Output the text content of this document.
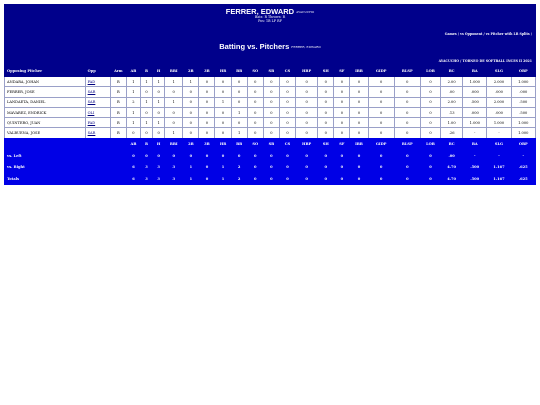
FERRER, EDWARD AYACUCHO
Bats: R Throws: R
Pos: 1B LF RF
Games / vs Opponent / vs Pitcher with LR Splits /
Batting vs. Pitchers FERRER, EDWARD
AYACUCHO / TORNEO DE SOFTBALL INCES II 2021
Opposing Pitcher	Opp	Arm	AB	R	H	RBI	2B	3B	HR	BB	SO	SB	CS	HBP	SH	SF	IBB	GIDP	RLSP	LOB	RC	BA	SLG	OBP
ANDARA, JOHAN	PAD	R	1	1	1	1	1	0	0	0	0	0	0	0	0	0	0	0	0	0	2.00	1.000	2.000	1.000
FERRER, JOSE	SAR	R	1	0	0	0	0	0	0	0	0	0	0	0	0	0	0	0	0	0	.00	.000	.000	.000
LANDAETA, DANIEL	SAR	R	2	1	1	1	0	0	1	0	0	0	0	0	0	0	0	0	0	0	2.00	.500	2.000	.500
MAVAREZ, ENDRICK	OLI	R	1	0	0	0	0	0	0	1	0	0	0	0	0	0	0	0	0	0	.13	.000	.000	.500
QUINTERO, JUAN	PAD	R	1	1	1	0	0	0	0	0	0	0	0	0	0	0	0	0	0	0	1.00	1.000	1.000	1.000
VALBUENA, JOSE	SAR	R	0	0	0	1	0	0	0	1	0	0	0	0	0	0	0	0	0	0	.26	-	-	1.000
	AB	R	H	RBI	2B	3B	HR	BB	SO	SB	CS	HBP	SH	SF	IBB	GIDP	RLSP	LOB	RC	BA	SLG	OBP
vs. Left	0	0	0	0	0	0	0	0	0	0	0	0	0	0	0	0	0	0	.00	-	-	-
vs. Right	6	3	3	3	1	0	1	2	0	0	0	0	0	0	0	0	0	0	4.70	.500	1.167	.625
Totals	6	3	3	3	1	0	1	2	0	0	0	0	0	0	0	0	0	0	4.70	.500	1.167	.625
